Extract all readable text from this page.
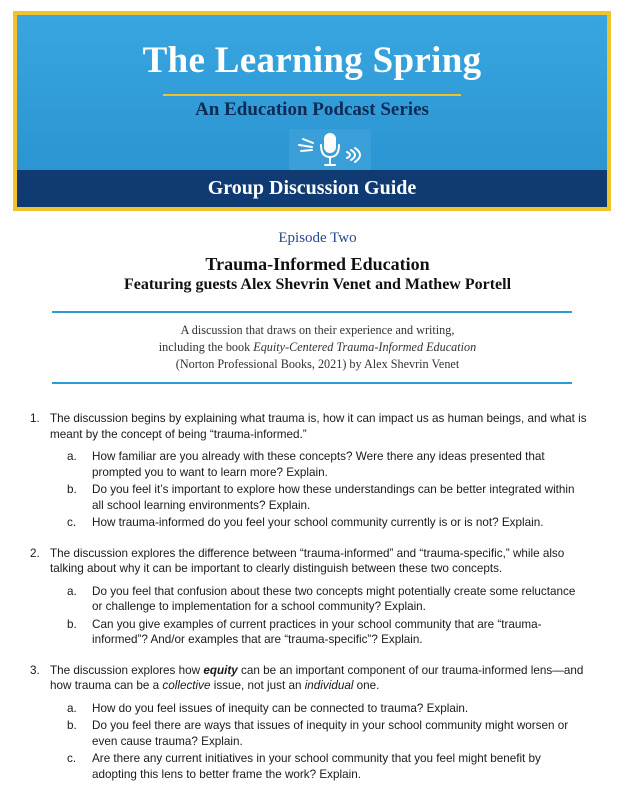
The Learning Spring
An Education Podcast Series
Group Discussion Guide
Episode Two
Trauma-Informed Education
Featuring guests Alex Shevrin Venet and Mathew Portell
A discussion that draws on their experience and writing,
including the book Equity-Centered Trauma-Informed Education
(Norton Professional Books, 2021) by Alex Shevrin Venet
1. The discussion begins by explaining what trauma is, how it can impact us as human beings, and what is
meant by the concept of being “trauma-informed.”
a. How familiar are you already with these concepts? Were there any ideas presented that
prompted you to want to learn more? Explain.
b. Do you feel it’s important to explore how these understandings can be better integrated within
all school learning environments? Explain.
c. How trauma-informed do you feel your school community currently is or is not? Explain.
2. The discussion explores the difference between “trauma-informed” and “trauma-specific,” while also
talking about why it can be important to clearly distinguish between these two concepts.
a. Do you feel that confusion about these two concepts might potentially create some reluctance
or challenge to implementation for a school community? Explain.
b. Can you give examples of current practices in your school community that are “trauma-
informed”? And/or examples that are “trauma-specific”? Explain.
3. The discussion explores how equity can be an important component of our trauma-informed lens—and
how trauma can be a collective issue, not just an individual one.
a. How do you feel issues of inequity can be connected to trauma? Explain.
b. Do you feel there are ways that issues of inequity in your school community might worsen or
even cause trauma? Explain.
c. Are there any current initiatives in your school community that you feel might benefit by
adopting this lens to better frame the work? Explain.
